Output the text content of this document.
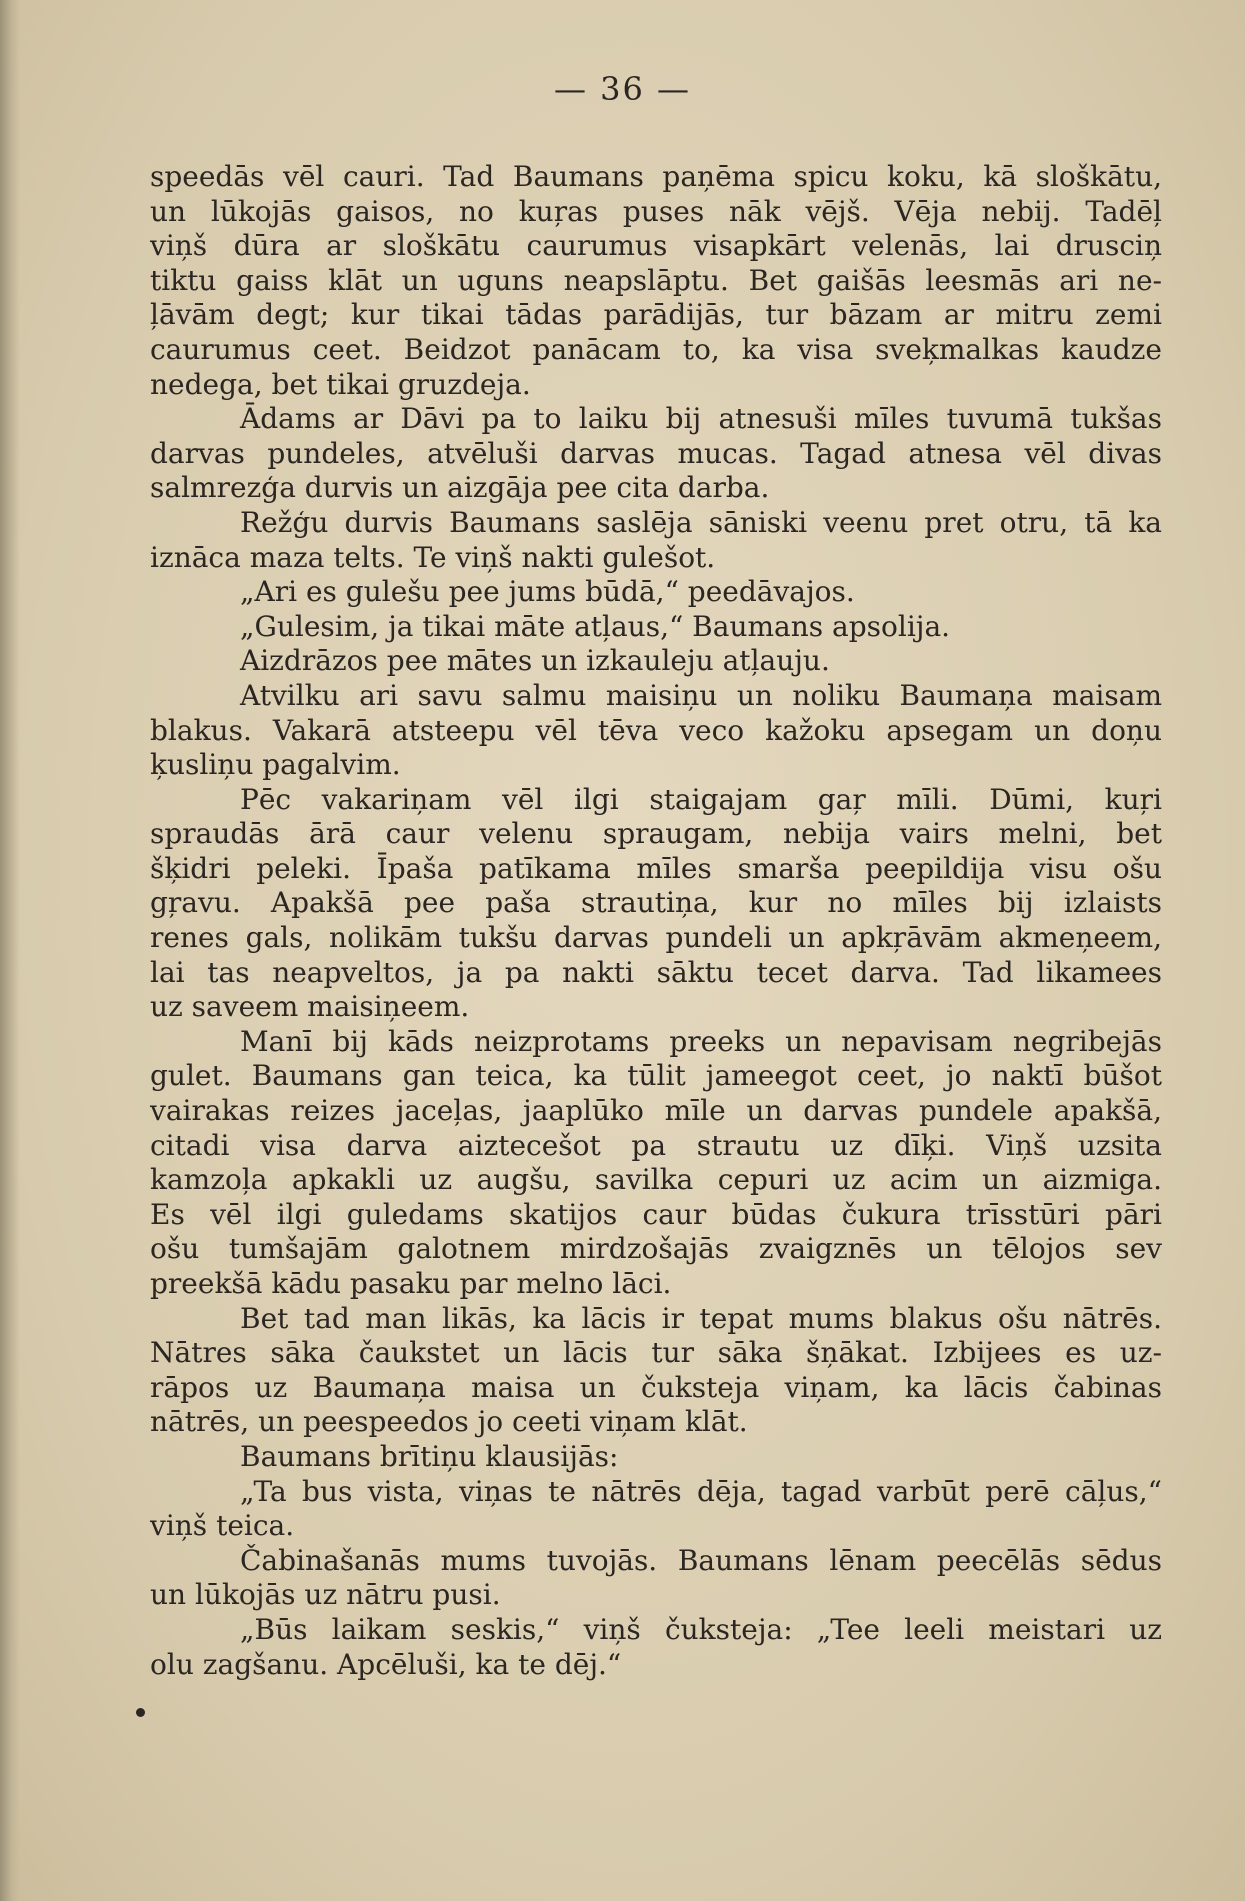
— 36 —
speedās vēl cauri. Tad Baumans paņēma spicu koku, kā sloškātu,
un lūkojās gaisos, no kuŗas puses nāk vējš. Vēja nebij. Tadēļ
viņš dūra ar sloškātu caurumus visapkārt velenās, lai drusciņ
tiktu gaiss klāt un uguns neapslāptu. Bet gaišās leesmās ari ne-
ļāvām degt; kur tikai tādas parādijās, tur bāzam ar mitru zemi
caurumus ceet. Beidzot panācam to, ka visa sveķmalkas kaudze
nedega, bet tikai gruzdeja.
Ādams ar Dāvi pa to laiku bij atnesuši mīles tuvumā tukšas
darvas pundeles, atvēluši darvas mucas. Tagad atnesa vēl divas
salmrezģa durvis un aizgāja pee cita darba.
Režģu durvis Baumans saslēja sāniski veenu pret otru, tā ka
iznāca maza telts. Te viņš nakti gulešot.
„Ari es gulešu pee jums būdā,“ peedāvajos.
„Gulesim, ja tikai māte atļaus,“ Baumans apsolija.
Aizdrāzos pee mātes un izkauleju atļauju.
Atvilku ari savu salmu maisiņu un noliku Baumaņa maisam
blakus. Vakarā atsteepu vēl tēva veco kažoku apsegam un doņu
ķusliņu pagalvim.
Pēc vakariņam vēl ilgi staigajam gaŗ mīli. Dūmi, kuŗi
spraudās ārā caur velenu spraugam, nebija vairs melni, bet
šķidri peleki. Īpaša patīkama mīles smarša peepildija visu ošu
gŗavu. Apakšā pee paša strautiņa, kur no mīles bij izlaists
renes gals, nolikām tukšu darvas pundeli un apkŗāvām akmeņeem,
lai tas neapveltos, ja pa nakti sāktu tecet darva. Tad likamees
uz saveem maisiņeem.
Manī bij kāds neizprotams preeks un nepavisam negribejās
gulet. Baumans gan teica, ka tūlit jameegot ceet, jo naktī būšot
vairakas reizes jaceļas, jaaplūko mīle un darvas pundele apakšā,
citadi visa darva aiztecešot pa strautu uz dīķi. Viņš uzsita
kamzoļa apkakli uz augšu, savilka cepuri uz acim un aizmiga.
Es vēl ilgi guledams skatijos caur būdas čukura trīsstūri pāri
ošu tumšajām galotnem mirdzošajās zvaigznēs un tēlojos sev
preekšā kādu pasaku par melno lāci.
Bet tad man likās, ka lācis ir tepat mums blakus ošu nātrēs.
Nātres sāka čaukstet un lācis tur sāka šņākat. Izbijees es uz-
rāpos uz Baumaņa maisa un čuksteja viņam, ka lācis čabinas
nātrēs, un peespeedos jo ceeti viņam klāt.
Baumans brītiņu klausijās:
„Ta bus vista, viņas te nātrēs dēja, tagad varbūt perē cāļus,“
viņš teica.
Čabinašanās mums tuvojās. Baumans lēnam peecēlās sēdus
un lūkojās uz nātru pusi.
„Būs laikam seskis,“ viņš čuksteja: „Tee leeli meistari uz
olu zagšanu. Apcēluši, ka te dēj.“
